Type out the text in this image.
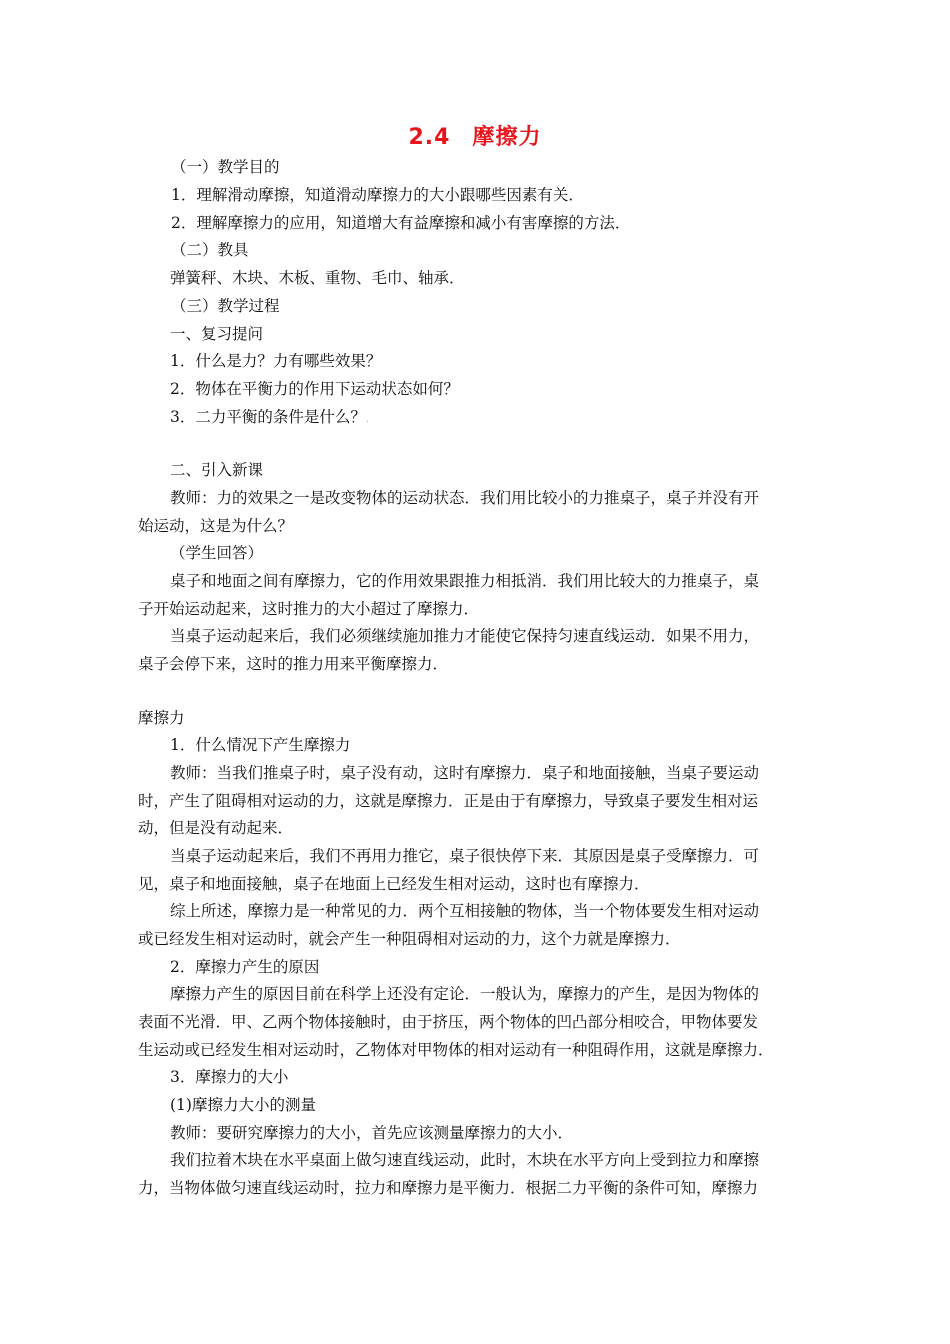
2.4 摩擦力
（一）教学目的
1．理解滑动摩擦，知道滑动摩擦力的大小跟哪些因素有关．
2．理解摩擦力的应用，知道增大有益摩擦和减小有害摩擦的方法．
（二）教具
弹簧秤、木块、木板、重物、毛巾、轴承．
（三）教学过程
一、复习提问
1．什么是力？力有哪些效果？
2．物体在平衡力的作用下运动状态如何？
3．二力平衡的条件是什么？.
二、引入新课
教师：力的效果之一是改变物体的运动状态．我们用比较小的力推桌子，桌子并没有开
始运动，这是为什么？
（学生回答）
桌子和地面之间有摩擦力，它的作用效果跟推力相抵消．我们用比较大的力推桌子，桌
子开始运动起来，这时推力的大小超过了摩擦力．
当桌子运动起来后，我们必须继续施加推力才能使它保持匀速直线运动．如果不用力，
桌子会停下来，这时的推力用来平衡摩擦力．
摩擦力
1．什么情况下产生摩擦力
教师：当我们推桌子时，桌子没有动，这时有摩擦力．桌子和地面接触，当桌子要运动
时，产生了阻碍相对运动的力，这就是摩擦力．正是由于有摩擦力，导致桌子要发生相对运
动，但是没有动起来．
当桌子运动起来后，我们不再用力推它，桌子很快停下来．其原因是桌子受摩擦力．可
见，桌子和地面接触，桌子在地面上已经发生相对运动，这时也有摩擦力．
综上所述，摩擦力是一种常见的力．两个互相接触的物体，当一个物体要发生相对运动
或已经发生相对运动时，就会产生一种阻碍相对运动的力，这个力就是摩擦力．
2．摩擦力产生的原因
摩擦力产生的原因目前在科学上还没有定论．一般认为，摩擦力的产生，是因为物体的
表面不光滑．甲、乙两个物体接触时，由于挤压，两个物体的凹凸部分相咬合，甲物体要发
生运动或已经发生相对运动时，乙物体对甲物体的相对运动有一种阻碍作用，这就是摩擦力．
3．摩擦力的大小
(1)摩擦力大小的测量
教师：要研究摩擦力的大小，首先应该测量摩擦力的大小．
我们拉着木块在水平桌面上做匀速直线运动，此时，木块在水平方向上受到拉力和摩擦
力，当物体做匀速直线运动时，拉力和摩擦力是平衡力．根据二力平衡的条件可知，摩擦力
